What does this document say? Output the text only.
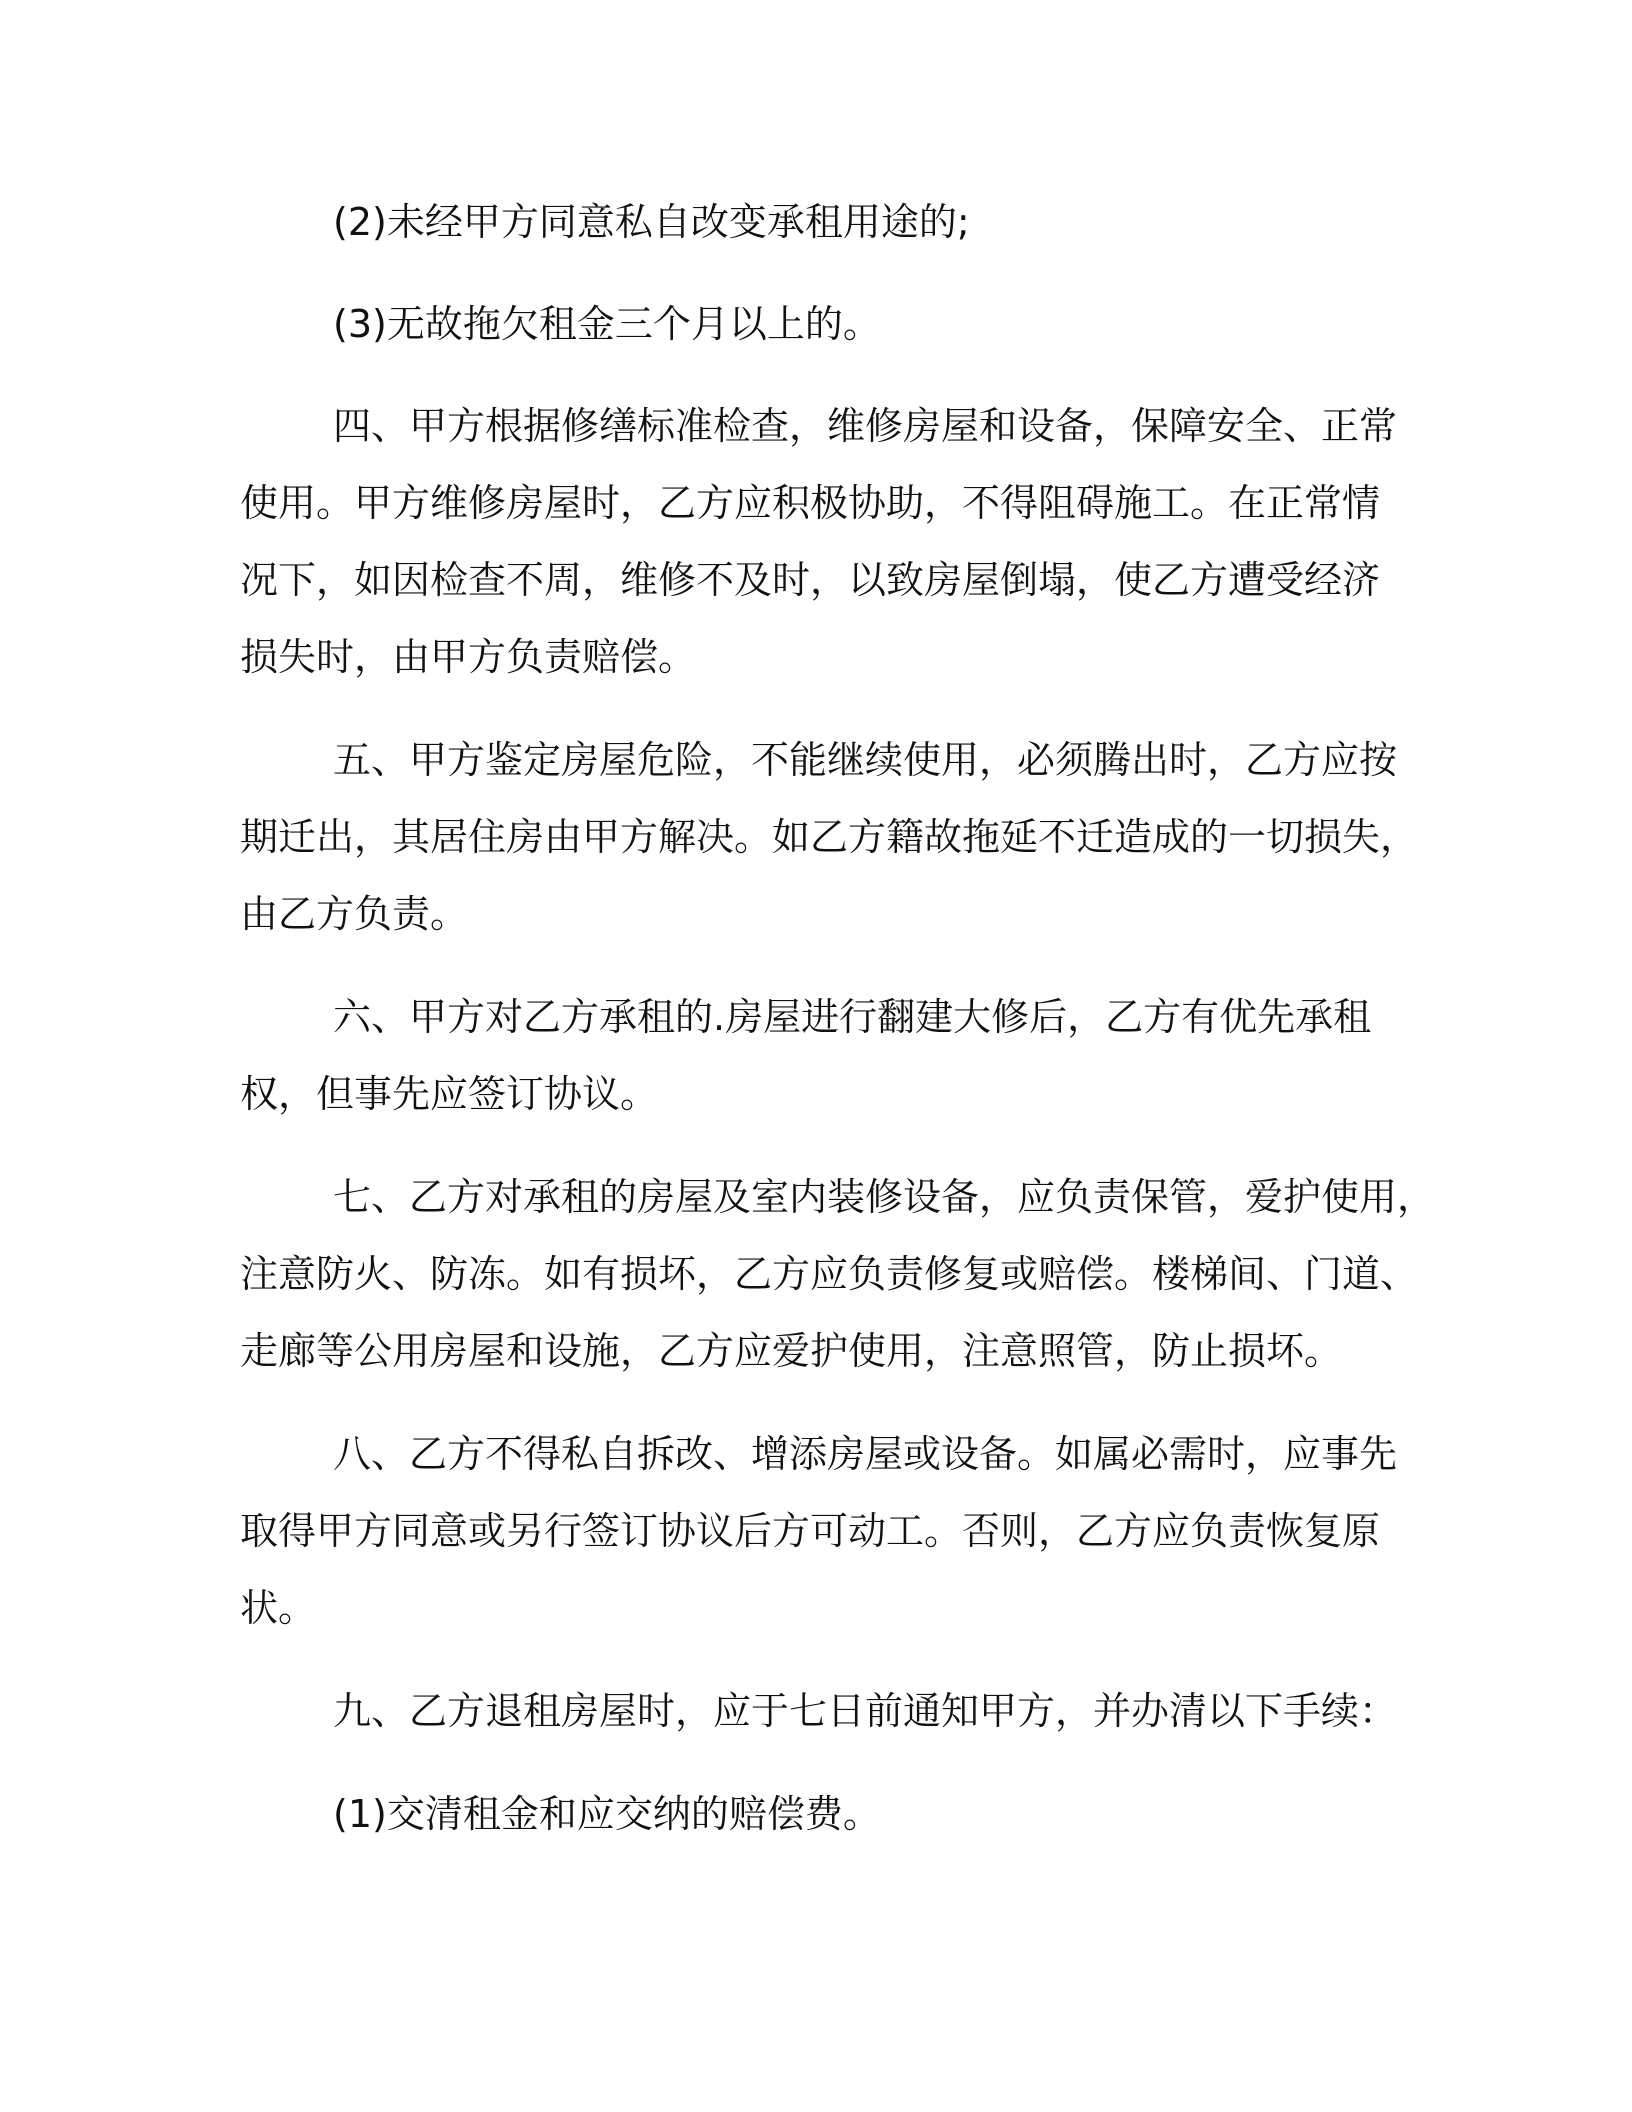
(2)未经甲方同意私自改变承租用途的;
(3)无故拖欠租金三个月以上的。
四、甲方根据修缮标准检查，维修房屋和设备，保障安全、正常
使用。甲方维修房屋时，乙方应积极协助，不得阻碍施工。在正常情
况下，如因检查不周，维修不及时，以致房屋倒塌，使乙方遭受经济
损失时，由甲方负责赔偿。
五、甲方鉴定房屋危险，不能继续使用，必须腾出时，乙方应按
期迁出，其居住房由甲方解决。如乙方籍故拖延不迁造成的一切损失，
由乙方负责。
六、甲方对乙方承租的.房屋进行翻建大修后，乙方有优先承租
权，但事先应签订协议。
七、乙方对承租的房屋及室内装修设备，应负责保管，爱护使用，
注意防火、防冻。如有损坏，乙方应负责修复或赔偿。楼梯间、门道、
走廊等公用房屋和设施，乙方应爱护使用，注意照管，防止损坏。
八、乙方不得私自拆改、增添房屋或设备。如属必需时，应事先
取得甲方同意或另行签订协议后方可动工。否则，乙方应负责恢复原
状。
九、乙方退租房屋时，应于七日前通知甲方，并办清以下手续：
(1)交清租金和应交纳的赔偿费。
